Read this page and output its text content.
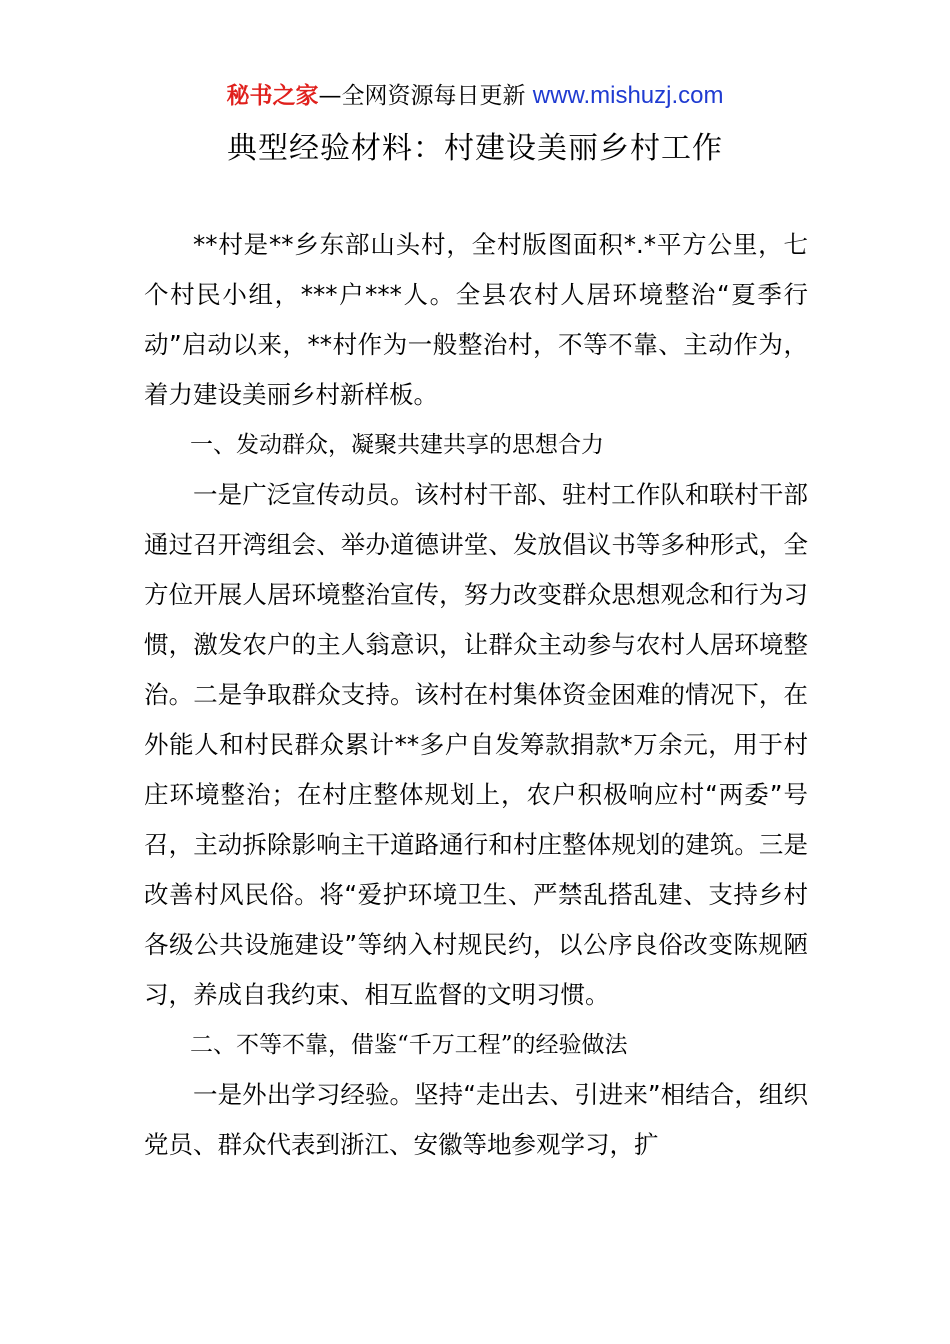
秘书之家—全网资源每日更新 www.mishuzj.com
典型经验材料：村建设美丽乡村工作

**村是**乡东部山头村，全村版图面积*.*平方公里，七个村民小组，***户***人。全县农村人居环境整治“夏季行动”启动以来，**村作为一般整治村，不等不靠、主动作为，着力建设美丽乡村新样板。

一、发动群众，凝聚共建共享的思想合力

一是广泛宣传动员。该村村干部、驻村工作队和联村干部通过召开湾组会、举办道德讲堂、发放倡议书等多种形式，全方位开展人居环境整治宣传，努力改变群众思想观念和行为习惯，激发农户的主人翁意识，让群众主动参与农村人居环境整治。二是争取群众支持。该村在村集体资金困难的情况下，在外能人和村民群众累计**多户自发筹款捐款*万余元，用于村庄环境整治；在村庄整体规划上，农户积极响应村“两委”号召，主动拆除影响主干道路通行和村庄整体规划的建筑。三是改善村风民俗。将“爱护环境卫生、严禁乱搭乱建、支持乡村各级公共设施建设”等纳入村规民约，以公序良俗改变陈规陋习，养成自我约束、相互监督的文明习惯。

二、不等不靠，借鉴“千万工程”的经验做法

一是外出学习经验。坚持“走出去、引进来”相结合，组织党员、群众代表到浙江、安徽等地参观学习，扩
